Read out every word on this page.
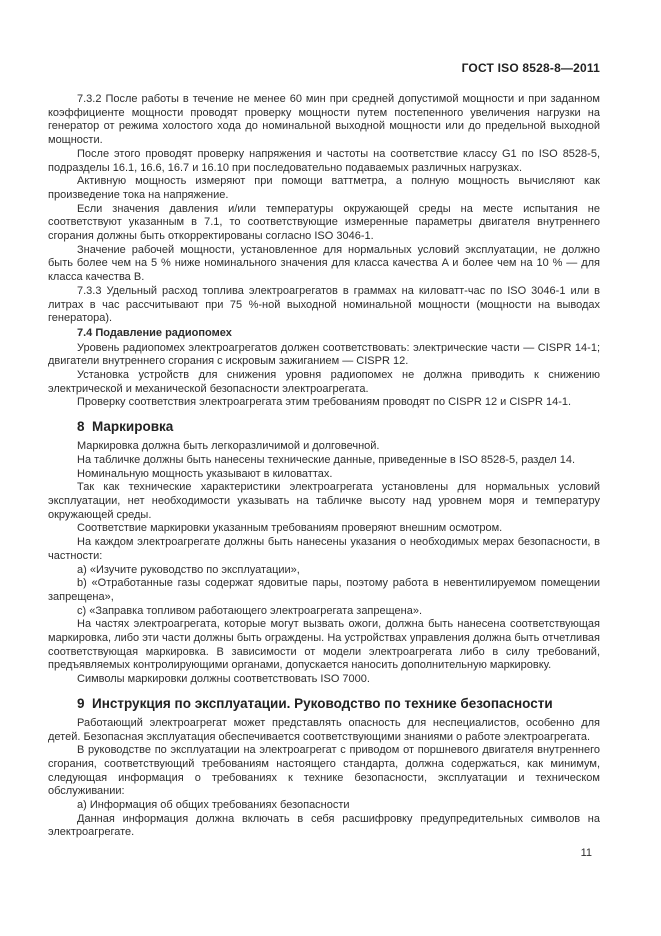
ГОСТ ISO 8528-8—2011

7.3.2 После работы в течение не менее 60 мин при средней допустимой мощности и при заданном коэффициенте мощности проводят проверку мощности путем постепенного увеличения нагрузки на генератор от режима холостого хода до номинальной выходной мощности или до предельной выходной мощности.

После этого проводят проверку напряжения и частоты на соответствие классу G1 по ISO 8528-5, подразделы 16.1, 16.6, 16.7 и 16.10 при последовательно подаваемых различных нагрузках.

Активную мощность измеряют при помощи ваттметра, а полную мощность вычисляют как произведение тока на напряжение.

Если значения давления и/или температуры окружающей среды на месте испытания не соответствуют указанным в 7.1, то соответствующие измеренные параметры двигателя внутреннего сгорания должны быть откорректированы согласно ISO 3046-1.

Значение рабочей мощности, установленное для нормальных условий эксплуатации, не должно быть более чем на 5 % ниже номинального значения для класса качества A и более чем на 10 % — для класса качества B.

7.3.3 Удельный расход топлива электроагрегатов в граммах на киловатт-час по ISO 3046-1 или в литрах в час рассчитывают при 75 %-ной выходной номинальной мощности (мощности на выводах генератора).

7.4 Подавление радиопомех

Уровень радиопомех электроагрегатов должен соответствовать: электрические части — CISPR 14-1; двигатели внутреннего сгорания с искровым зажиганием — CISPR 12.

Установка устройств для снижения уровня радиопомех не должна приводить к снижению электрической и механической безопасности электроагрегата.

Проверку соответствия электроагрегата этим требованиям проводят по CISPR 12 и CISPR 14-1.

8  Маркировка

Маркировка должна быть легкоразличимой и долговечной.

На табличке должны быть нанесены технические данные, приведенные в ISO 8528-5, раздел 14.

Номинальную мощность указывают в киловаттах.

Так как технические характеристики электроагрегата установлены для нормальных условий эксплуатации, нет необходимости указывать на табличке высоту над уровнем моря и температуру окружающей среды.

Соответствие маркировки указанным требованиям проверяют внешним осмотром.

На каждом электроагрегате должны быть нанесены указания о необходимых мерах безопасности, в частности:

a) «Изучите руководство по эксплуатации»,

b) «Отработанные газы содержат ядовитые пары, поэтому работа в невентилируемом помещении запрещена»,

c) «Заправка топливом работающего электроагрегата запрещена».

На частях электроагрегата, которые могут вызвать ожоги, должна быть нанесена соответствующая маркировка, либо эти части должны быть ограждены. На устройствах управления должна быть отчетливая соответствующая маркировка. В зависимости от модели электроагрегата либо в силу требований, предъявляемых контролирующими органами, допускается наносить дополнительную маркировку.

Символы маркировки должны соответствовать ISO 7000.

9  Инструкция по эксплуатации. Руководство по технике безопасности

Работающий электроагрегат может представлять опасность для неспециалистов, особенно для детей. Безопасная эксплуатация обеспечивается соответствующими знаниями о работе электроагрегата.

В руководстве по эксплуатации на электроагрегат с приводом от поршневого двигателя внутреннего сгорания, соответствующий требованиям настоящего стандарта, должна содержаться, как минимум, следующая информация о требованиях к технике безопасности, эксплуатации и техническом обслуживании:

a) Информация об общих требованиях безопасности

Данная информация должна включать в себя расшифровку предупредительных символов на электроагрегате.

11
